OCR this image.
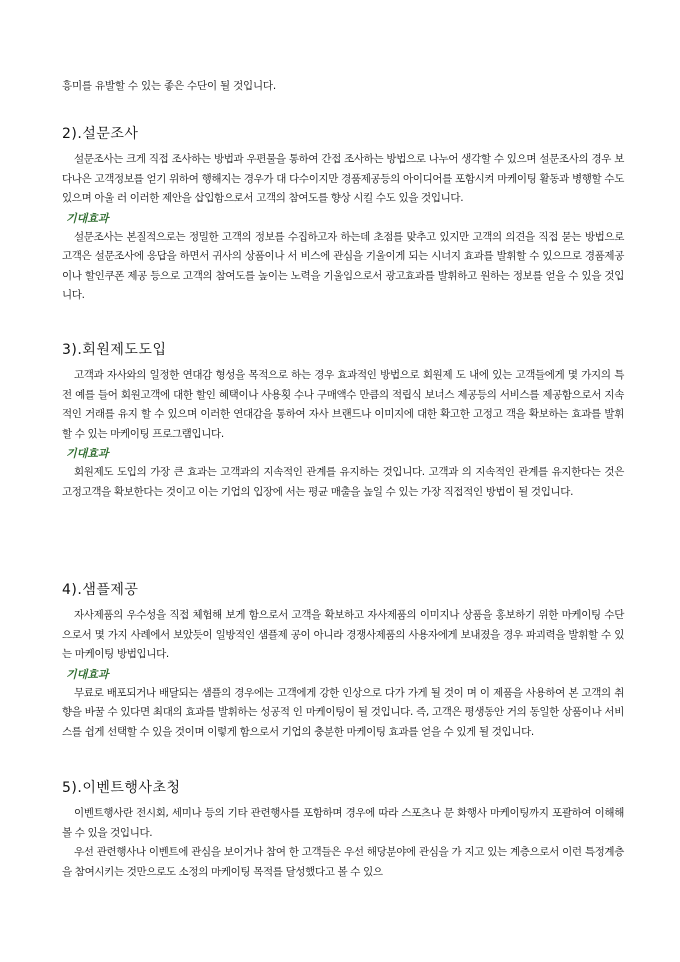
흥미를 유발할 수 있는 좋은 수단이 될 것입니다.
2).설문조사
설문조사는 크게 직접 조사하는 방법과 우편물을 통하여 간접 조사하는 방법으로 나누어 생각할 수 있으며 설문조사의 경우 보다나은 고객정보를 얻기 위하여 행해지는 경우가 대 다수이지만 경품제공등의 아이디어를 포함시켜 마케이팅 활동과 병행할 수도 있으며 아울 러 이러한 제안을 삽입함으로서 고객의 참여도를 향상 시킬 수도 있을 것입니다.
기대효과
설문조사는 본질적으로는 정밀한 고객의 정보를 수집하고자 하는데 초점를 맞추고 있지만 고객의 의견을 직접 묻는 방법으로 고객은 설문조사에 응답을 하면서 귀사의 상품이나 서 비스에 관심을 기울이게 되는 시너지 효과를 발휘할 수 있으므로 경품제공이나 할인쿠폰 제공 등으로 고객의 참여도를 높이는 노력을 기울임으로서 광고효과를 발휘하고 원하는 정보를 얻을 수 있을 것입니다.
3).회원제도도입
고객과 자사와의 일정한 연대감 형성을 목적으로 하는 경우 효과적인 방법으로 회원제 도 내에 있는 고객들에게 몇 가지의 특전 예를 들어 회원고객에 대한 할인 혜택이나 사용횟 수나 구매액수 만큼의 적립식 보너스 제공등의 서비스를 제공함으로서 지속적인 거래를 유지 할 수 있으며 이러한 연대감을 통하여 자사 브랜드나 이미지에 대한 확고한 고정고 객을 확보하는 효과를 발휘할 수 있는 마케이팅 프로그램입니다.
기대효과
회원제도 도입의 가장 큰 효과는 고객과의 지속적인 관계를 유지하는 것입니다. 고객과 의 지속적인 관계를 유지한다는 것은 고정고객을 확보한다는 것이고 이는 기업의 입장에 서는 평균 매출을 높일 수 있는 가장 직접적인 방법이 될 것입니다.
4).샘플제공
자사제품의 우수성을 직접 체험해 보게 함으로서 고객을 확보하고 자사제품의 이미지나 상품을 홍보하기 위한 마케이팅 수단으로서 몇 가지 사례에서 보았듯이 일방적인 샘플제 공이 아니라 경쟁사제품의 사용자에게 보내졌을 경우 파괴력을 발휘할 수 있는 마케이팅 방법입니다.
기대효과
무료로 배포되거나 배달되는 샘플의 경우에는 고객에게 강한 인상으로 다가 가게 될 것이 며 이 제품을 사용하여 본 고객의 취향을 바꿀 수 있다면 최대의 효과를 발휘하는 성공적 인 마케이팅이 될 것입니다. 즉, 고객은 평생동안 거의 동일한 상품이나 서비스를 쉽게 선택할 수 있을 것이며 이렇게 함으로서 기업의 충분한 마케이팅 효과를 얻을 수 있게 될 것입니다.
5).이벤트행사초청
이벤트행사란 전시회, 세미나 등의 기타 관련행사를 포함하며 경우에 따라 스포츠나 문 화행사 마케이팅까지 포괄하여 이해해 볼 수 있을 것입니다.
우선 관련행사나 이벤트에 관심을 보이거나 참여 한 고객들은 우선 해당분야에 관심을 가 지고 있는 계층으로서 이런 특정계층을 참여시키는 것만으로도 소정의 마케이팅 목적를 달성했다고 볼 수 있으
